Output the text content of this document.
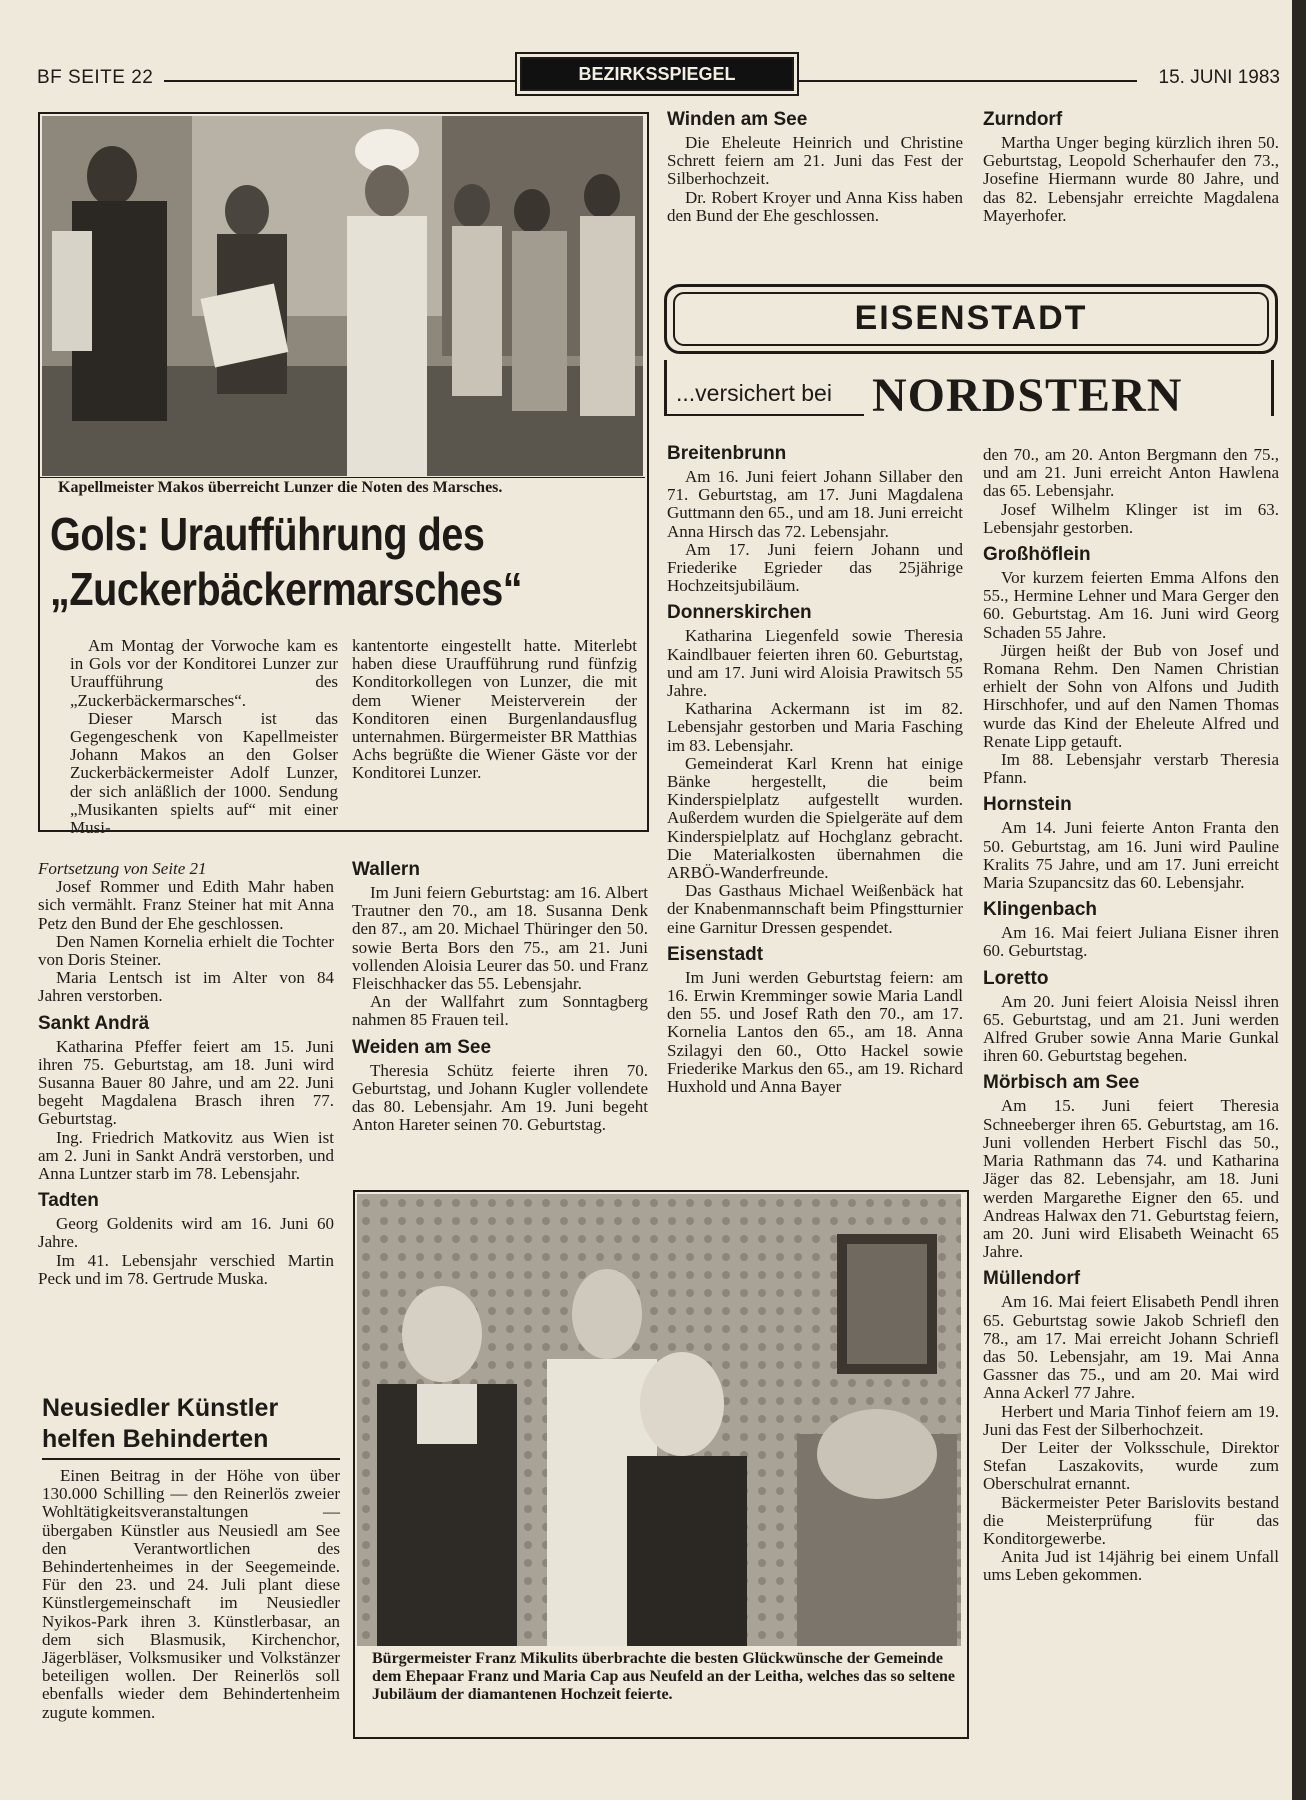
BF SEITE 22	BEZIRKSSPIEGEL	15. JUNI 1983
Kapellmeister Makos überreicht Lunzer die Noten des Marsches.
Gols: Uraufführung des
„Zuckerbäckermarsches“

Am Montag der Vorwoche kam es in Gols vor der Konditorei Lunzer zur Uraufführung des „Zuckerbäckermarsches“.

Dieser Marsch ist das Gegengeschenk von Kapellmeister Johann Makos an den Golser Zuckerbäckermeister Adolf Lunzer, der sich anläßlich der 1000. Sendung „Musikanten spielts auf“ mit einer Musi-

kantentorte eingestellt hatte. Miterlebt haben diese Uraufführung rund fünfzig Konditorkollegen von Lunzer, die mit dem Wiener Meisterverein der Konditoren einen Burgenlandausflug unternahmen. Bürgermeister BR Matthias Achs begrüßte die Wiener Gäste vor der Konditorei Lunzer.

Fortsetzung von Seite 21

Josef Rommer und Edith Mahr haben sich vermählt. Franz Steiner hat mit Anna Petz den Bund der Ehe geschlossen.

Den Namen Kornelia erhielt die Tochter von Doris Steiner.

Maria Lentsch ist im Alter von 84 Jahren verstorben.

Sankt Andrä

Katharina Pfeffer feiert am 15. Juni ihren 75. Geburtstag, am 18. Juni wird Susanna Bauer 80 Jahre, und am 22. Juni begeht Magdalena Brasch ihren 77. Geburtstag.

Ing. Friedrich Matkovitz aus Wien ist am 2. Juni in Sankt Andrä verstorben, und Anna Luntzer starb im 78. Lebensjahr.

Tadten

Georg Goldenits wird am 16. Juni 60 Jahre.

Im 41. Lebensjahr verschied Martin Peck und im 78. Gertrude Muska.

Neusiedler Künstler helfen Behinderten

Einen Beitrag in der Höhe von über 130.000 Schilling — den Reinerlös zweier Wohltätigkeitsveranstaltungen — übergaben Künstler aus Neusiedl am See den Verantwortlichen des Behindertenheimes in der Seegemeinde. Für den 23. und 24. Juli plant diese Künstlergemeinschaft im Neusiedler Nyikos-Park ihren 3. Künstlerbasar, an dem sich Blasmusik, Kirchenchor, Jägerbläser, Volksmusiker und Volkstänzer beteiligen wollen. Der Reinerlös soll ebenfalls wieder dem Behindertenheim zugute kommen.

Wallern

Im Juni feiern Geburtstag: am 16. Albert Trautner den 70., am 18. Susanna Denk den 87., am 20. Michael Thüringer den 50. sowie Berta Bors den 75., am 21. Juni vollenden Aloisia Leurer das 50. und Franz Fleischhacker das 55. Lebensjahr.

An der Wallfahrt zum Sonntagberg nahmen 85 Frauen teil.

Weiden am See

Theresia Schütz feierte ihren 70. Geburtstag, und Johann Kugler vollendete das 80. Lebensjahr. Am 19. Juni begeht Anton Hareter seinen 70. Geburtstag.

Bürgermeister Franz Mikulits überbrachte die besten Glückwünsche der Gemeinde dem Ehepaar Franz und Maria Cap aus Neufeld an der Leitha, welches das so seltene Jubiläum der diamantenen Hochzeit feierte.
Winden am See

Die Eheleute Heinrich und Christine Schrett feiern am 21. Juni das Fest der Silberhochzeit.

Dr. Robert Kroyer und Anna Kiss haben den Bund der Ehe geschlossen.

Zurndorf

Martha Unger beging kürzlich ihren 50. Geburtstag, Leopold Scherhaufer den 73., Josefine Hiermann wurde 80 Jahre, und das 82. Lebensjahr erreichte Magdalena Mayerhofer.

EISENSTADT
...versichert bei NORDSTERN
Breitenbrunn

Am 16. Juni feiert Johann Sillaber den 71. Geburtstag, am 17. Juni Magdalena Guttmann den 65., und am 18. Juni erreicht Anna Hirsch das 72. Lebensjahr.

Am 17. Juni feiern Johann und Friederike Egrieder das 25jährige Hochzeitsjubiläum.

Donnerskirchen

Katharina Liegenfeld sowie Theresia Kaindlbauer feierten ihren 60. Geburtstag, und am 17. Juni wird Aloisia Prawitsch 55 Jahre.

Katharina Ackermann ist im 82. Lebensjahr gestorben und Maria Fasching im 83. Lebensjahr.

Gemeinderat Karl Krenn hat einige Bänke hergestellt, die beim Kinderspielplatz aufgestellt wurden. Außerdem wurden die Spielgeräte auf dem Kinderspielplatz auf Hochglanz gebracht. Die Materialkosten übernahmen die ARBÖ-Wanderfreunde.

Das Gasthaus Michael Weißenbäck hat der Knabenmannschaft beim Pfingstturnier eine Garnitur Dressen gespendet.

Eisenstadt

Im Juni werden Geburtstag feiern: am 16. Erwin Kremminger sowie Maria Landl den 55. und Josef Rath den 70., am 17. Kornelia Lantos den 65., am 18. Anna Szilagyi den 60., Otto Hackel sowie Friederike Markus den 65., am 19. Richard Huxhold und Anna Bayer

den 70., am 20. Anton Bergmann den 75., und am 21. Juni erreicht Anton Hawlena das 65. Lebensjahr.

Josef Wilhelm Klinger ist im 63. Lebensjahr gestorben.

Großhöflein

Vor kurzem feierten Emma Alfons den 55., Hermine Lehner und Mara Gerger den 60. Geburtstag. Am 16. Juni wird Georg Schaden 55 Jahre.

Jürgen heißt der Bub von Josef und Romana Rehm. Den Namen Christian erhielt der Sohn von Alfons und Judith Hirschhofer, und auf den Namen Thomas wurde das Kind der Eheleute Alfred und Renate Lipp getauft.

Im 88. Lebensjahr verstarb Theresia Pfann.

Hornstein

Am 14. Juni feierte Anton Franta den 50. Geburtstag, am 16. Juni wird Pauline Kralits 75 Jahre, und am 17. Juni erreicht Maria Szupancsitz das 60. Lebensjahr.

Klingenbach

Am 16. Mai feiert Juliana Eisner ihren 60. Geburtstag.

Loretto

Am 20. Juni feiert Aloisia Neissl ihren 65. Geburtstag, und am 21. Juni werden Alfred Gruber sowie Anna Marie Gunkal ihren 60. Geburtstag begehen.

Mörbisch am See

Am 15. Juni feiert Theresia Schneeberger ihren 65. Geburtstag, am 16. Juni vollenden Herbert Fischl das 50., Maria Rathmann das 74. und Katharina Jäger das 82. Lebensjahr, am 18. Juni werden Margarethe Eigner den 65. und Andreas Halwax den 71. Geburtstag feiern, am 20. Juni wird Elisabeth Weinacht 65 Jahre.

Müllendorf

Am 16. Mai feiert Elisabeth Pendl ihren 65. Geburtstag sowie Jakob Schriefl den 78., am 17. Mai erreicht Johann Schriefl das 50. Lebensjahr, am 19. Mai Anna Gassner das 75., und am 20. Mai wird Anna Ackerl 77 Jahre.

Herbert und Maria Tinhof feiern am 19. Juni das Fest der Silberhochzeit.

Der Leiter der Volksschule, Direktor Stefan Laszakovits, wurde zum Oberschulrat ernannt.

Bäckermeister Peter Barislovits bestand die Meisterprüfung für das Konditorgewerbe.

Anita Jud ist 14jährig bei einem Unfall ums Leben gekommen.
